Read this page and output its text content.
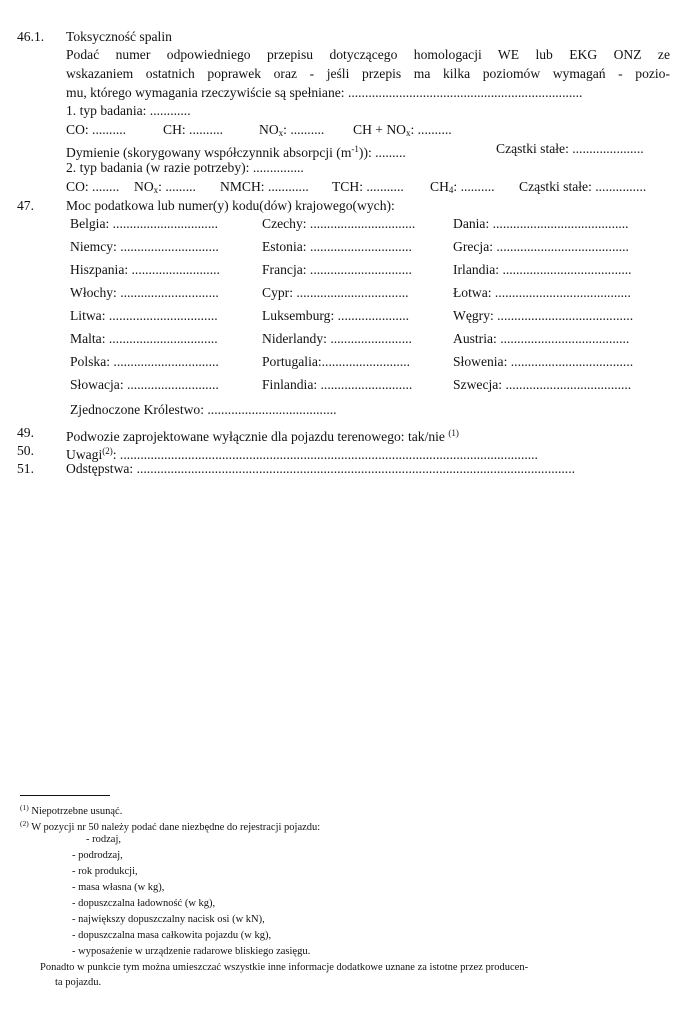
46.1. Toksyczność spalin
Podać numer odpowiedniego przepisu dotyczącego homologacji WE lub EKG ONZ ze
wskazaniem ostatnich poprawek oraz - jeśli przepis ma kilka poziomów wymagań - pozio-
mu, którego wymagania rzeczywiście są spełniane: .....................................................................
1. typ badania: ............
CO: ..........	CH: ..........	$NO_x$: .......... CH + $NO_x$: ..........
Dymienie (skorygowany współczynnik absorpcji $(m^{-1})$): .........	Cząstki stałe: .....................
2. typ badania (w razie potrzeby): ...............
CO: ........ $NO_x$: ......... NMCH: ............ TCH: ........... $CH_4$: .......... Cząstki stałe: ...............
47. Moc podatkowa lub numer(y) kodu(dów) krajowego(wych):
Belgia: ...............................	Czechy: ...............................	Dania: ........................................
Niemcy: .............................	Estonia: ..............................	Grecja: .......................................
Hiszpania: ..........................	Francja: ..............................	Irlandia: ......................................
Włochy: .............................	Cypr: .................................	Łotwa: ........................................
Litwa: ................................	Luksemburg: .....................	Węgry: ........................................
Malta: ................................	Niderlandy: ........................	Austria: ......................................
Polska: ...............................	Portugalia:..........................	Słowenia: ....................................
Słowacja: ...........................	Finlandia: ...........................	Szwecja: .....................................
Zjednoczone Królestwo: ......................................
49. Podwozie zaprojektowane wyłącznie dla pojazdu terenowego: tak/nie $^{(1)}$
50. Uwagi$^{(2)}$: ...........................................................................................................................
51. Odstępstwa: .................................................................................................................................
$^{(1)}$ Niepotrzebne usunąć.
$^{(2)}$ W pozycji nr 50 należy podać dane niezbędne do rejestracji pojazdu:
- rodzaj,
- podrodzaj,
- rok produkcji,
- masa własna (w kg),
- dopuszczalna ładowność (w kg),
- największy dopuszczalny nacisk osi (w kN),
- dopuszczalna masa całkowita pojazdu (w kg),
- wyposażenie w urządzenie radarowe bliskiego zasięgu.
Ponadto w punkcie tym można umieszczać wszystkie inne informacje dodatkowe uznane za istotne przez producen-
ta pojazdu.
